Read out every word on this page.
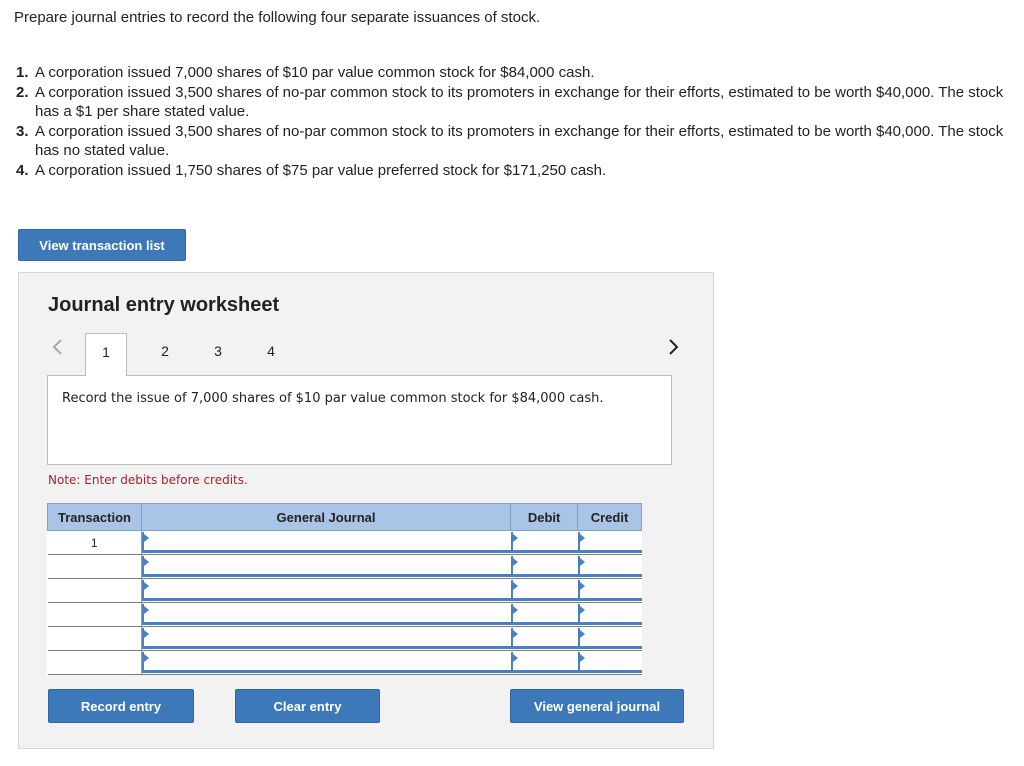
Prepare journal entries to record the following four separate issuances of stock.
1. A corporation issued 7,000 shares of $10 par value common stock for $84,000 cash.
2. A corporation issued 3,500 shares of no-par common stock to its promoters in exchange for their efforts, estimated to be worth $40,000. The stock has a $1 per share stated value.
3. A corporation issued 3,500 shares of no-par common stock to its promoters in exchange for their efforts, estimated to be worth $40,000. The stock has no stated value.
4. A corporation issued 1,750 shares of $75 par value preferred stock for $171,250 cash.
View transaction list
Journal entry worksheet
1	2	3	4
Record the issue of 7,000 shares of $10 par value common stock for $84,000 cash.
Note: Enter debits before credits.
Transaction	General Journal	Debit	Credit
1	

Record entry	Clear entry	View general journal
